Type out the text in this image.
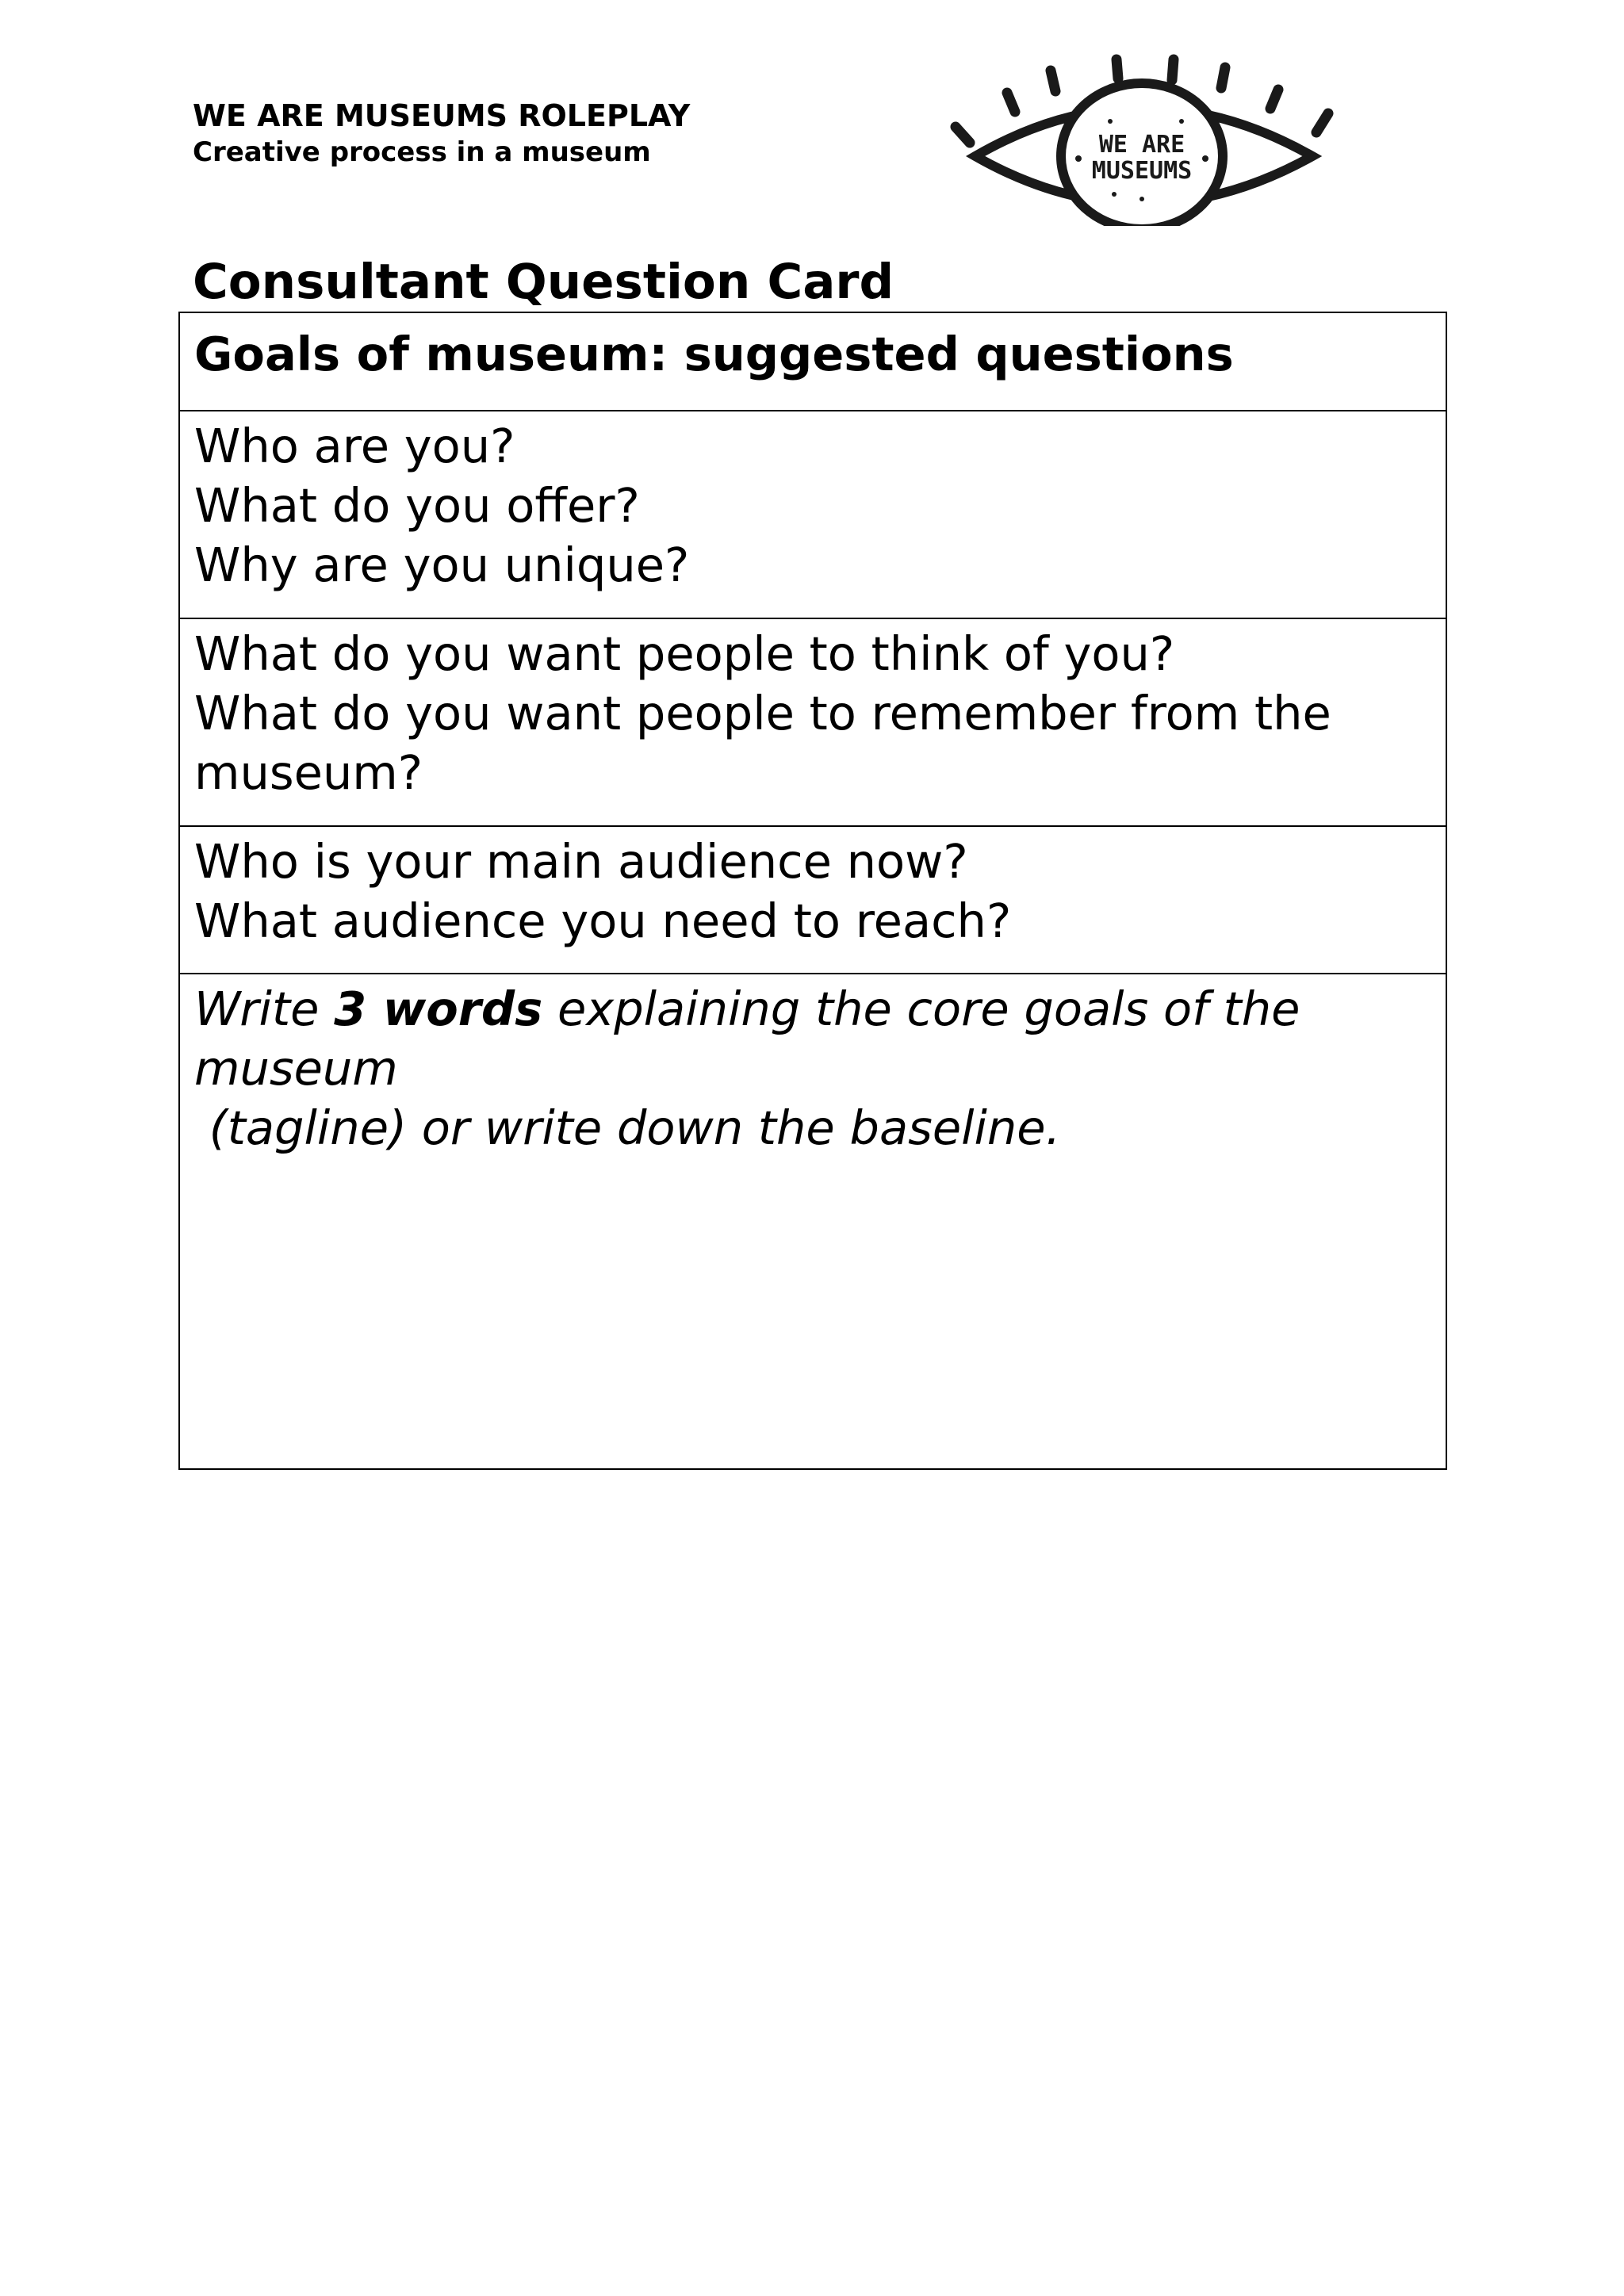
WE ARE MUSEUMS ROLEPLAY

Creative process in a museum	WE ARE
MUSEUMS
Consultant Question Card
Goals of museum: suggested questions

Who are you?
What do you offer?
Why are you unique?

What do you want people to think of you?
What do you want people to remember from the
museum?

Who is your main audience now?
What audience you need to reach?

Write 3 words explaining the core goals of the museum
(tagline) or write down the baseline.
